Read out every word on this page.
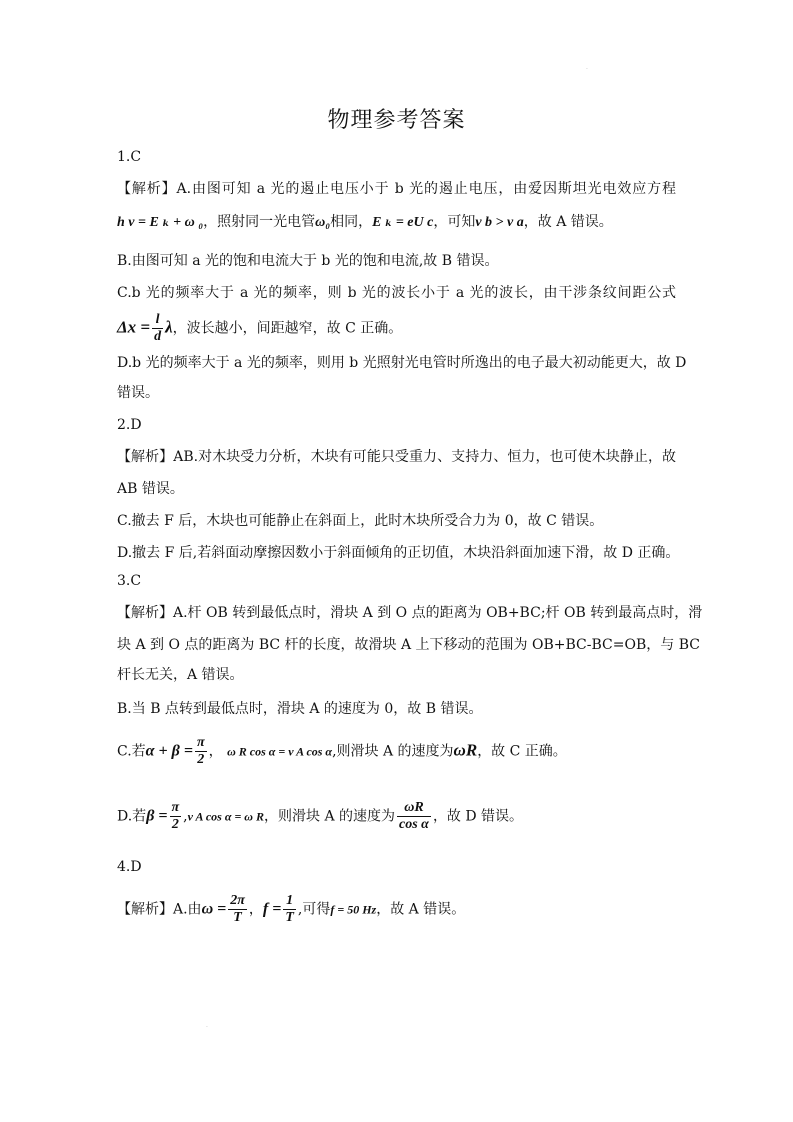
·
物理参考答案
1.C
【解析】A.由图可知 a 光的遏止电压小于 b 光的遏止电压，由爱因斯坦光电效应方程
h ν = E ₖ + ω ₀，照射同一光电管ω₀相同，E ₖ = eU c，可知ν b > ν a，故 A 错误。
B.由图可知 a 光的饱和电流大于 b 光的饱和电流,故 B 错误。
C.b 光的频率大于 a 光的频率，则 b 光的波长小于 a 光的波长，由干涉条纹间距公式
$\Delta x = \frac{l}{d}$ λ，波长越小，间距越窄，故 C 正确。
D.b 光的频率大于 a 光的频率，则用 b 光照射光电管时所逸出的电子最大初动能更大，故 D
错误。
2.D
【解析】AB.对木块受力分析，木块有可能只受重力、支持力、恒力，也可使木块静止，故
AB 错误。
C.撤去 F 后，木块也可能静止在斜面上，此时木块所受合力为 0，故 C 错误。
D.撤去 F 后,若斜面动摩擦因数小于斜面倾角的正切值，木块沿斜面加速下滑，故 D 正确。
3.C
【解析】A.杆 OB 转到最低点时，滑块 A 到 O 点的距离为 OB+BC;杆 OB 转到最高点时，滑
块 A 到 O 点的距离为 BC 杆的长度，故滑块 A 上下移动的范围为 OB+BC-BC=OB，与 BC
杆长无关，A 错误。
B.当 B 点转到最低点时，滑块 A 的速度为 0，故 B 错误。
C.若$\alpha + \beta = \frac{\pi}{2}$ ， ω R cos α = v A cos α,则滑块 A 的速度为ωR，故 C 正确。
D.若$\beta = \frac{\pi}{2} ,v$ A cos α = ω R，则滑块 A 的速度为 $\frac{\omega R}{\text{cos α}}$ ，故 D 错误。
4.D
【解析】A.由$\omega = \frac{2\pi}{T}$ ，$f = \frac{1}{T}$ ,可得f = 50 Hz，故 A 错误。
·
